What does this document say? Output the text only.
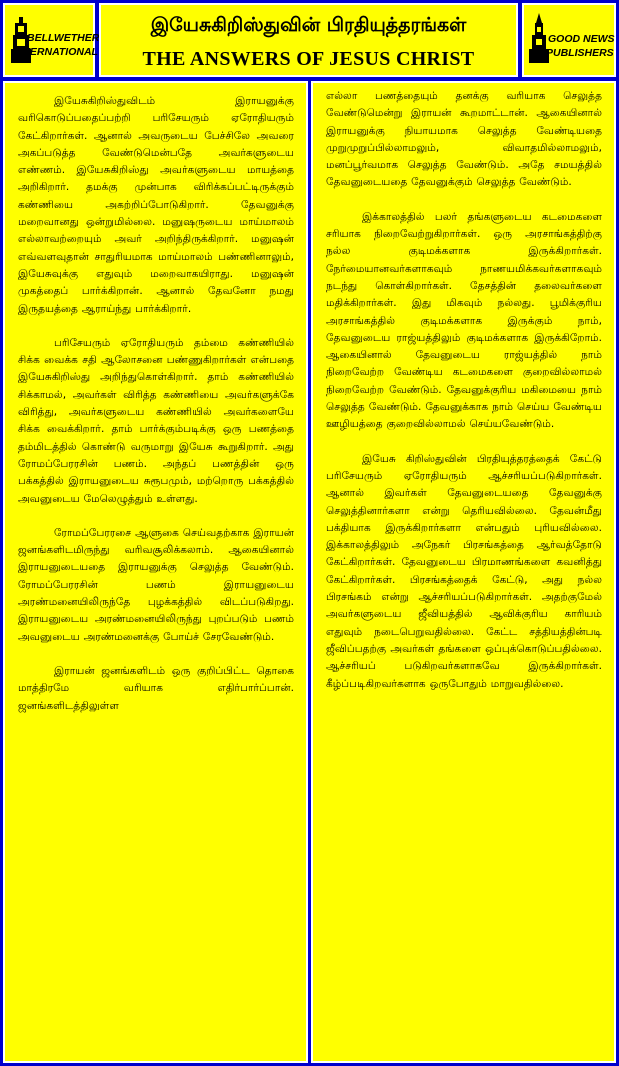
BELLWETHER
INTERNATIONAL
இயேசுகிறிஸ்துவின் பிரதியுத்தரங்கள்
THE ANSWERS OF JESUS CHRIST
GOOD NEWS
PUBLISHERS

இயேசுகிறிஸ்துவிடம் இராயனுக்கு வரிகொடுப்பதைப்பற்றி பரிசேயரும் ஏரோதியரும் கேட்கிறார்கள். ஆனால் அவருடைய பேச்சிலே அவரை அகப்படுத்த வேண்டுமென்பதே அவர்களுடைய எண்ணம். இயேசுகிறிஸ்து அவர்களுடைய மாயத்தை அறிகிறார். தமக்கு முன்பாக விரிக்கப்பட்டிருக்கும் கண்ணியை அகற்றிப்போடுகிறார். தேவனுக்கு மறைவானது ஒன்றுமில்லை. மனுஷருடைய மாய்மாலம் எல்லாவற்றையும் அவர் அறிந்திருக்கிறார். மனுஷன் எவ்வளவுதான் சாதுரியமாக மாய்மாலம் பண்ணினாலும், இயேசுவுக்கு எதுவும் மறைவாகயிராது. மனுஷன் முகத்தைப் பார்க்கிறான். ஆனால் தேவனோ நமது இருதயத்தை ஆராய்ந்து பார்க்கிறார்.

பரிசேயரும் ஏரோதியரும் தம்மை கண்ணியில் சிக்க வைக்க சதி ஆலோசனை பண்ணுகிறார்கள் என்பதை இயேசுகிறிஸ்து அறிந்துகொள்கிறார். தாம் கண்ணியில் சிக்காமல், அவர்கள் விரித்த கண்ணியை அவர்களுக்கே விரித்து, அவர்களுடைய கண்ணியில் அவர்களையே சிக்க வைக்கிறார். தாம் பார்க்கும்படிக்கு ஒரு பணத்தை தம்மிடத்தில் கொண்டு வருமாறு இயேசு கூறுகிறார். அது ரோமப்பேரரசின் பணம். அந்தப் பணத்தின் ஒரு பக்கத்தில் இராயனுடைய சுரூபமும், மற்றொரு பக்கத்தில் அவனுடைய மேலெழுத்தும் உள்ளது.

ரோமப்பேரரசை ஆளுகை செய்வதற்காக இராயன் ஜனங்களிடமிருந்து வரிவசூலிக்கலாம். ஆகையினால் இராயனுடையதை இராயனுக்கு செலுத்த வேண்டும். ரோமப்பேரரசின் பணம் இராயனுடைய அரண்மனையிலிருந்தே புழக்கத்தில் விடப்படுகிறது. இராயனுடைய அரண்மனையிலிருந்து புறப்படும் பணம் அவனுடைய அரண்மனைக்கு போய்ச் சேரவேண்டும்.

இராயன் ஜனங்களிடம் ஒரு குறிப்பிட்ட தொகை மாத்திரமே வரியாக எதிர்பார்ப்பான். ஜனங்களிடத்திலுள்ள

எல்லா பணத்தையும் தனக்கு வரியாக செலுத்த வேண்டுமென்று இராயன் கூறமாட்டான். ஆகையினால் இராயனுக்கு நியாயமாக செலுத்த வேண்டியதை முறுமுறுப்பில்லாமலும், விவாதமில்லாமலும், மனப்பூர்வமாக செலுத்த வேண்டும். அதே சமயத்தில் தேவனுடையதை தேவனுக்கும் செலுத்த வேண்டும்.

இக்காலத்தில் பலர் தங்களுடைய கடமைகளை சரியாக நிறைவேற்றுகிறார்கள். ஒரு அரசாங்கத்திற்கு நல்ல குடிமக்களாக இருக்கிறார்கள். நேர்மையானவர்களாகவும் நாணயமிக்கவர்களாகவும் நடந்து கொள்கிறார்கள். தேசத்தின் தலைவர்களை மதிக்கிறார்கள். இது மிகவும் நல்லது. பூமிக்குரிய அரசாங்கத்தில் குடிமக்களாக இருக்கும் நாம், தேவனுடைய ராஜ்யத்திலும் குடிமக்களாக இருக்கிறோம். ஆகையினால் தேவனுடைய ராஜ்யத்தில் நாம் நிறைவேற்ற வேண்டிய கடமைகளை குறைவில்லாமல் நிறைவேற்ற வேண்டும். தேவனுக்குரிய மகிமையை நாம் செலுத்த வேண்டும். தேவனுக்காக நாம் செய்ய வேண்டிய ஊழியத்தை குறைவில்லாமல் செய்யவேண்டும்.

இயேசு கிறிஸ்துவின் பிரதியுத்தரத்தைக் கேட்டு பரிசேயரும் ஏரோதியரும் ஆச்சரியப்படுகிறார்கள். ஆனால் இவர்கள் தேவனுடையதை தேவனுக்கு செலுத்தினார்களா என்று தெரியவில்லை. தேவன்மீது பக்தியாக இருக்கிறார்களா என்பதும் புரியவில்லை. இக்காலத்திலும் அநேகர் பிரசங்கத்தை ஆர்வத்தோடு கேட்கிறார்கள். தேவனுடைய பிரமாணங்களை கவனித்து கேட்கிறார்கள். பிரசங்கத்தைக் கேட்டு, அது நல்ல பிரசங்கம் என்று ஆச்சரியப்படுகிறார்கள். அதற்குமேல் அவர்களுடைய ஜீவியத்தில் ஆவிக்குரிய காரியம் எதுவும் நடைபெறுவதில்லை. கேட்ட சத்தியத்தின்படி ஜீவிப்பதற்கு அவர்கள் தங்களை ஒப்புக்கொடுப்பதில்லை. ஆச்சரியப் படுகிறவர்களாகவே இருக்கிறார்கள். கீழ்ப்படிகிறவர்களாக ஒருபோதும் மாறுவதில்லை.
